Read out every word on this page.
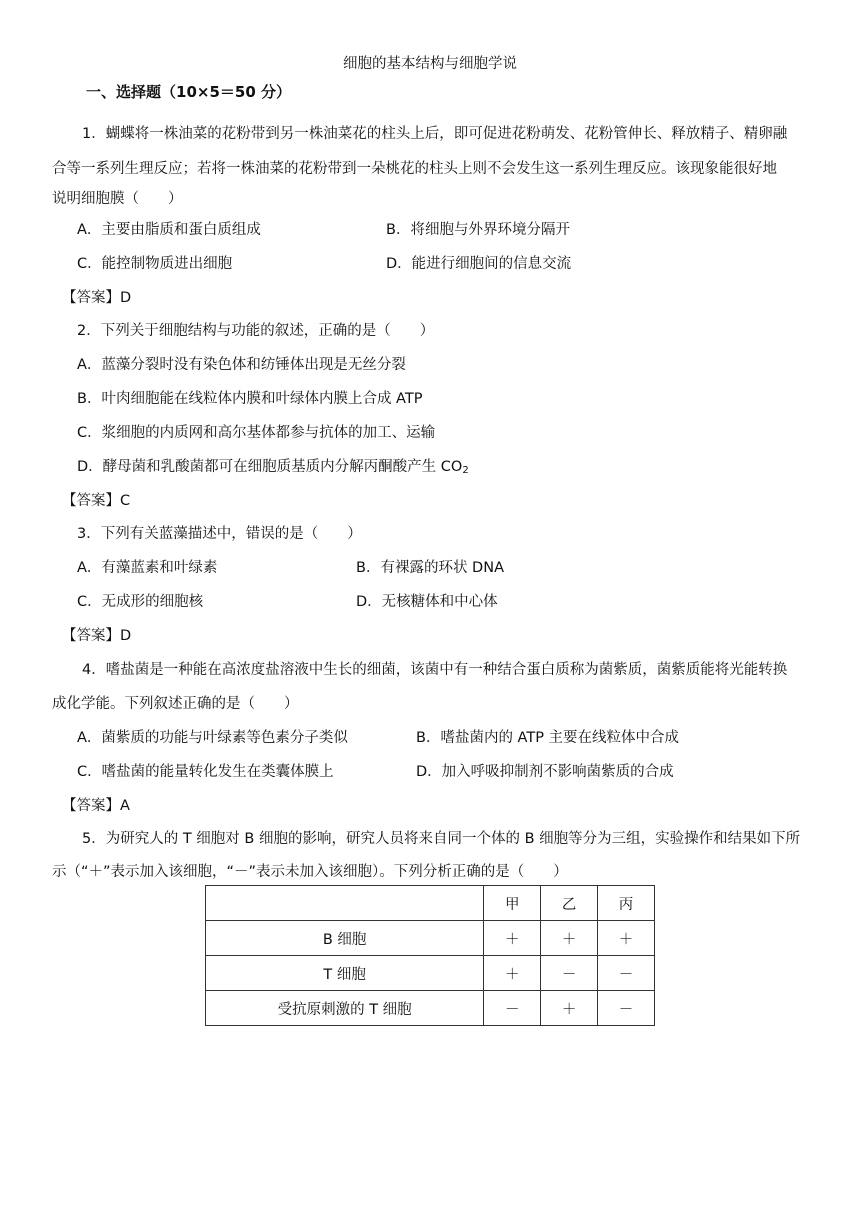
细胞的基本结构与细胞学说
一、选择题（10×5＝50 分）
1．蝴蝶将一株油菜的花粉带到另一株油菜花的柱头上后，即可促进花粉萌发、花粉管伸长、释放精子、精卵融
合等一系列生理反应；若将一株油菜的花粉带到一朵桃花的柱头上则不会发生这一系列生理反应。该现象能很好地
说明细胞膜（　　）
A．主要由脂质和蛋白质组成	B．将细胞与外界环境分隔开
C．能控制物质进出细胞	D．能进行细胞间的信息交流
【答案】D
2．下列关于细胞结构与功能的叙述，正确的是（　　）
A．蓝藻分裂时没有染色体和纺锤体出现是无丝分裂
B．叶肉细胞能在线粒体内膜和叶绿体内膜上合成 ATP
C．浆细胞的内质网和高尔基体都参与抗体的加工、运输
D．酵母菌和乳酸菌都可在细胞质基质内分解丙酮酸产生 $CO_2$
【答案】C
3．下列有关蓝藻描述中，错误的是（　　）
A．有藻蓝素和叶绿素	B．有裸露的环状 DNA
C．无成形的细胞核	D．无核糖体和中心体
【答案】D
4．嗜盐菌是一种能在高浓度盐溶液中生长的细菌，该菌中有一种结合蛋白质称为菌紫质，菌紫质能将光能转换
成化学能。下列叙述正确的是（　　）
A．菌紫质的功能与叶绿素等色素分子类似	B．嗜盐菌内的 ATP 主要在线粒体中合成
C．嗜盐菌的能量转化发生在类囊体膜上	D．加入呼吸抑制剂不影响菌紫质的合成
【答案】A
5．为研究人的 T 细胞对 B 细胞的影响，研究人员将来自同一个体的 B 细胞等分为三组，实验操作和结果如下所
示（“＋”表示加入该细胞，“－”表示未加入该细胞）。下列分析正确的是（　　）
	甲	乙	丙
B 细胞	＋	＋	＋
T 细胞	＋	－	－
受抗原刺激的 T 细胞	－	＋	－
